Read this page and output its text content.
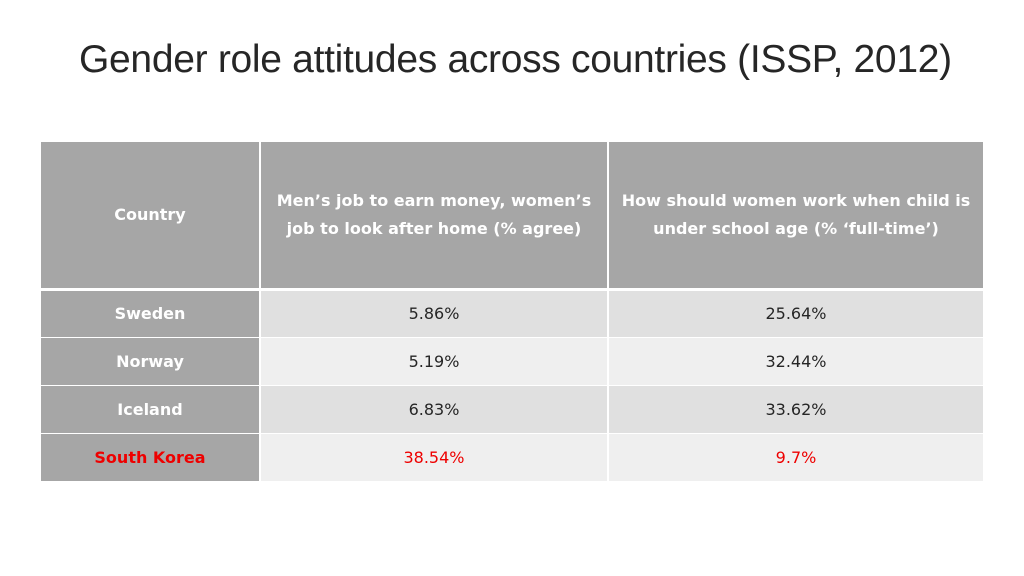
Gender role attitudes across countries (ISSP, 2012)
Country	Men’s job to earn money, women’s job to look after home (% agree)	How should women work when child is under school age (% ‘full-time’)
Sweden	5.86%	25.64%
Norway	5.19%	32.44%
Iceland	6.83%	33.62%
South Korea	38.54%	9.7%
